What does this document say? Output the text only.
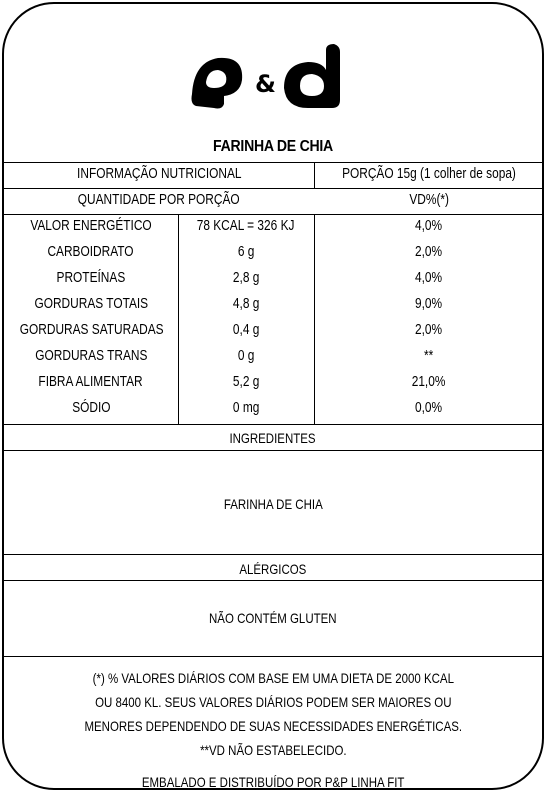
&
FARINHA DE CHIA
INFORMAÇÃO NUTRICIONAL	PORÇÃO 15g (1 colher de sopa)
QUANTIDADE POR PORÇÃO	VD%(*)
VALOR ENERGÉTICO	78 KCAL = 326 KJ	4,0%
CARBOIDRATO	6 g	2,0%
PROTEÍNAS	2,8 g	4,0%
GORDURAS TOTAIS	4,8 g	9,0%
GORDURAS SATURADAS	0,4 g	2,0%
GORDURAS TRANS	0 g	**
FIBRA ALIMENTAR	5,2 g	21,0%
SÓDIO	0 mg	0,0%
INGREDIENTES
FARINHA DE CHIA
ALÉRGICOS
NÃO CONTÉM GLUTEN
(*) % VALORES DIÁRIOS COM BASE EM UMA DIETA DE 2000 KCAL
OU 8400 KL. SEUS VALORES DIÁRIOS PODEM SER MAIORES OU
MENORES DEPENDENDO DE SUAS NECESSIDADES ENERGÉTICAS.
**VD NÃO ESTABELECIDO.
EMBALADO E DISTRIBUÍDO POR P&P LINHA FIT
